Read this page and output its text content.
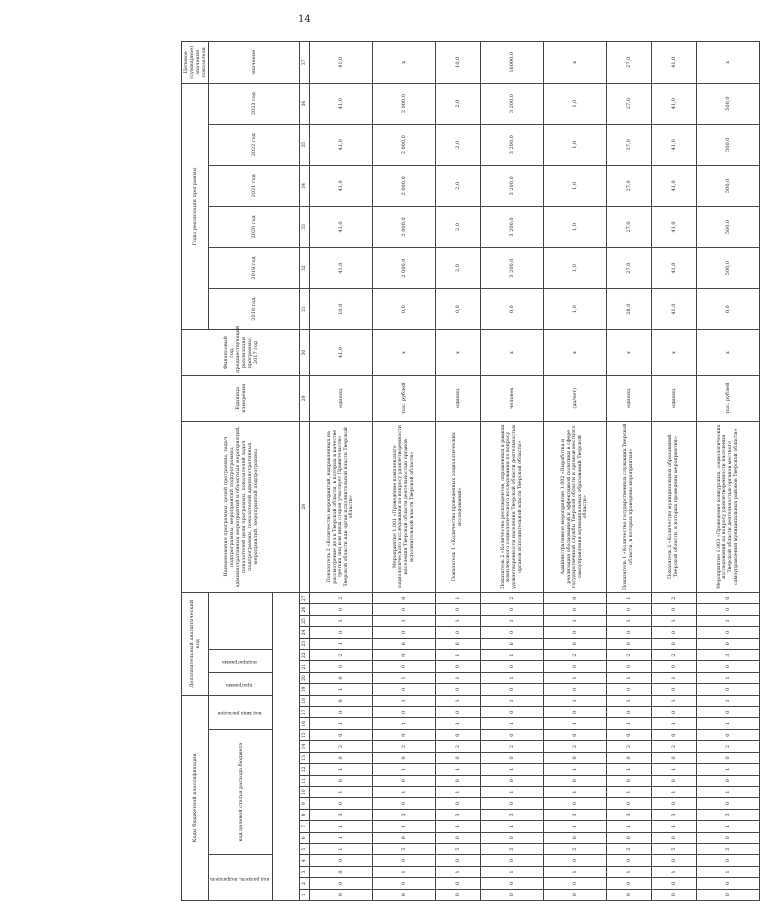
14
Коды бюджетной классификации																		Дополнительный аналитический код									Наименование программы, целей программы, задач подпрограммы, мероприятий подпрограммы, административных мероприятий и объектных мероприятий, показателей цели программы, показателей задач подпрограммы, показателей административных мероприятий, мероприятий подпрограммы	Единица измерения	Финансовый год, предшествующий реализации программы, 2017 год	Годы реализации программы						Целевое (суммарное) значение показателя
код раздела, подраздела				код целевой статьи расхода бюджета											код вида расходов			программа		подпрограмма										2018 год	2019 год	2020 год	2021 год	2022 год	2023 год	значение

1	2	3	4	5	6	7	8	9	10	11	12	13	14	15	16	17	18	19	20	21	22	23	24	25	26	27	28	29	30	31	32	33	34	35	36	37
0	0	0	0	1	1	1	3	0	1	0	1	0	2	0	1	0	0	1	0	0	2	1	0	1	0	2	Показатель 2 «Количество мероприятий, направленных на рассмотрение дел в Тверской области, в которых в качестве третьих лиц или иных сторон участвует Правительство Тверской области или орган исполнительной власти Тверской области»	единиц	41,0	10,0	41,0	41,0	41,0	41,0	41,0	41,0
0	0	1	0	5	0	1	3	0	1	0	1	0	2	0	1	0	1	0	1	0	0	6	0	1	0	0	Мероприятие 1.001 «Проведение комплексного социологического исследования по вопросу удовлетворенности населения Тверской области деятельностью органов исполнительной власти Тверской области»	тыс. рублей	х	0,0	2 000,0	2 000,0	2 000,0	2 000,0	2 000,0	х
0	0	1	0	5	0	1	3	0	1	0	1	0	2	0	1	0	1	0	1	0	1	6	0	1	0	1	Показатель 1 «Количество проведенных социологических исследований»	единиц	х	0,0	2,0	2,0	2,0	2,0	2,0	10,0
0	0	1	0	5	0	1	3	0	1	0	1	0	2	0	1	0	1	0	1	0	1	6	0	1	0	2	Показатель 2 «Количество респондентов, опрошенных в рамках комплексного социологического исследования по вопросу удовлетворенности населения Тверской области деятельностью органов исполнительной власти Тверской области»	человек	х	0,0	3 200,0	3 200,0	3 200,0	3 200,0	3 200,0	16000,0
0	0	1	0	5	0	1	3	0	1	0	1	0	2	0	1	0	1	0	1	0	2	0	0	1	0	0	Административное мероприятие 1.002 «Выработка и реализация обоснованной и эффективной политики в сфере государственной службы Тверской области и органов местного самоуправления муниципальных образований Тверской области»	(да/нет)	х	1,0	1,0	1,0	1,0	1,0	1,0	х
0	0	1	0	5	0	1	3	0	1	0	1	0	2	0	1	0	1	0	1	0	2	0	0	1	0	1	Показатель 1 «Количество государственных служащих Тверской области, в которых проведены мероприятия»	единиц	х	28,0	27,0	27,0	27,0	27,0	27,0	27,0
0	0	1	0	5	0	1	3	0	1	0	1	0	2	0	1	0	1	0	1	0	2	0	0	1	0	2	Показатель 2 «Количество муниципальных образований Тверской области, в которых проведены мероприятия»	единиц	х	41,0	41,0	41,0	41,0	41,0	41,0	41,0
0	0	1	0	5	0	1	3	0	1	0	1	0	2	0	1	0	1	0	1	0	3	0	0	1	0	0	Мероприятие 1.003 «Проведение конкурсных, социологических исследований по вопросу удовлетворенности населения Тверской области деятельностью органов местного самоуправления муниципальных районов Тверской области»	тыс. рублей	х	0,0	500,0	500,0	500,0	500,0	500,0	х
